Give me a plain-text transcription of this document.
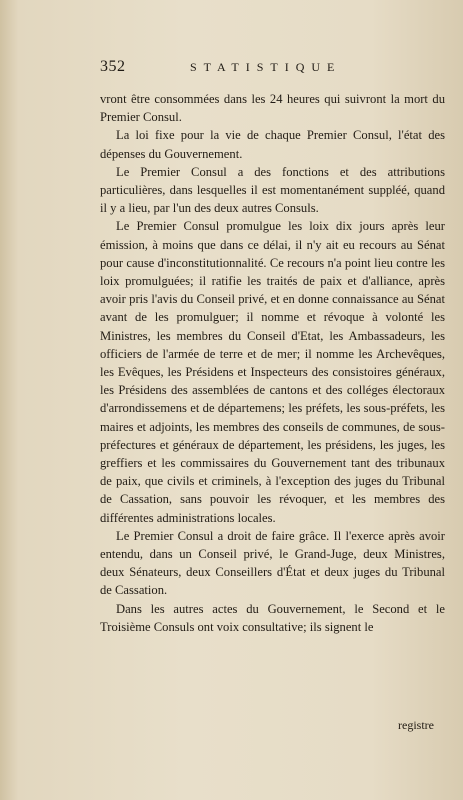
352	STATISTIQUE

vront être consommées dans les 24 heures qui suivront la mort du Premier Consul.

La loi fixe pour la vie de chaque Premier Consul, l'état des dépenses du Gouvernement.

Le Premier Consul a des fonctions et des attributions particulières, dans lesquelles il est momentanément suppléé, quand il y a lieu, par l'un des deux autres Consuls.

Le Premier Consul promulgue les loix dix jours après leur émission, à moins que dans ce délai, il n'y ait eu recours au Sénat pour cause d'inconstitutionnalité. Ce recours n'a point lieu contre les loix promulguées; il ratifie les traités de paix et d'alliance, après avoir pris l'avis du Conseil privé, et en donne connaissance au Sénat avant de les promulguer; il nomme et révoque à volonté les Ministres, les membres du Conseil d'Etat, les Ambassadeurs, les officiers de l'armée de terre et de mer; il nomme les Archevêques, les Evêques, les Présidens et Inspecteurs des consistoires généraux, les Présidens des assemblées de cantons et des colléges électoraux d'arrondissemens et de départemens; les préfets, les sous-préfets, les maires et adjoints, les membres des conseils de communes, de sous-préfectures et généraux de département, les présidens, les juges, les greffiers et les commissaires du Gouvernement tant des tribunaux de paix, que civils et criminels, à l'exception des juges du Tribunal de Cassation, sans pouvoir les révoquer, et les membres des différentes administrations locales.

Le Premier Consul a droit de faire grâce. Il l'exerce après avoir entendu, dans un Conseil privé, le Grand-Juge, deux Ministres, deux Sénateurs, deux Conseillers d'État et deux juges du Tribunal de Cassation.

Dans les autres actes du Gouvernement, le Second et le Troisième Consuls ont voix consultative; ils signent le

registre
